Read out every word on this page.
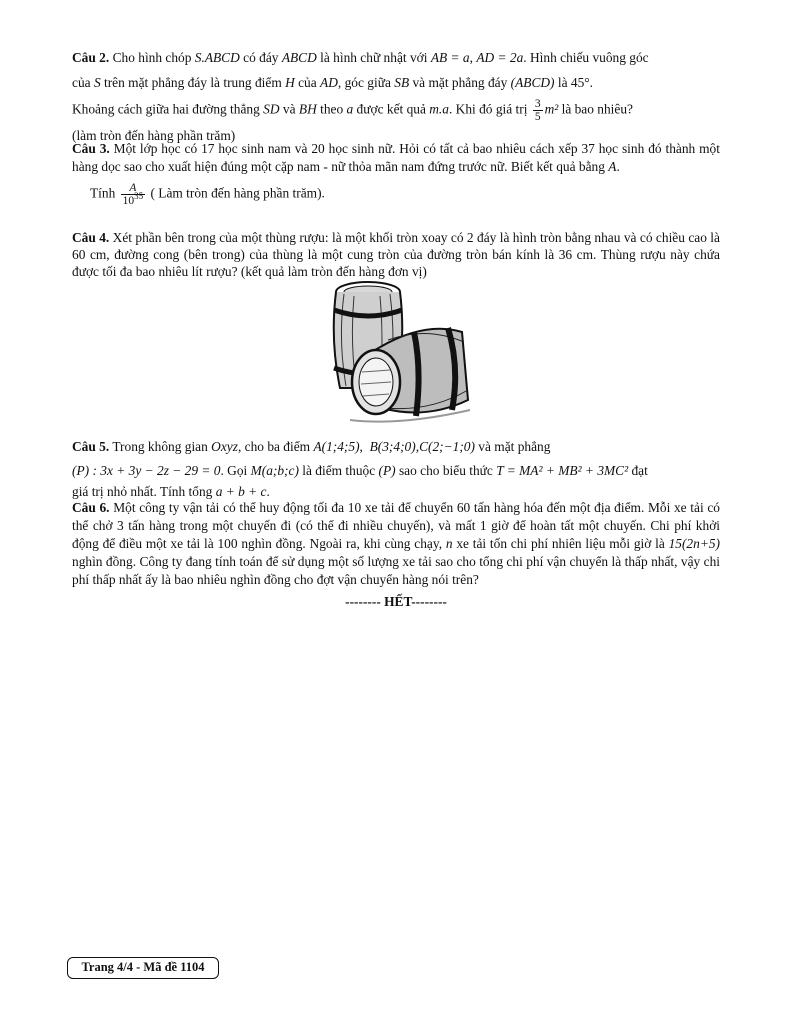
Câu 2. Cho hình chóp S.ABCD có đáy ABCD là hình chữ nhật với AB = a, AD = 2a. Hình chiếu vuông góc
của S trên mặt phẳng đáy là trung điểm H của AD, góc giữa SB và mặt phẳng đáy (ABCD) là 45°.
Khoảng cách giữa hai đường thẳng SD và BH theo a được kết quả m.a. Khi đó giá trị $\frac{3}{5} m^2$ là bao nhiêu?
(làm tròn đến hàng phần trăm)
Câu 3. Một lớp học có 17 học sinh nam và 20 học sinh nữ. Hỏi có tất cả bao nhiêu cách xếp 37 học sinh đó thành một hàng dọc sao cho xuất hiện đúng một cặp nam - nữ thỏa mãn nam đứng trước nữ. Biết kết quả bằng A.
Tính $\frac{A}{10^{35}}$ ( Làm tròn đến hàng phần trăm).
Câu 4. Xét phần bên trong của một thùng rượu: là một khối tròn xoay có 2 đáy là hình tròn bằng nhau và có chiều cao là 60 cm, đường cong (bên trong) của thùng là một cung tròn của đường tròn bán kính là 36 cm. Thùng rượu này chứa được tối đa bao nhiêu lít rượu? (kết quả làm tròn đến hàng đơn vị)
Câu 5. Trong không gian Oxyz, cho ba điểm A(1;4;5),  B(3;4;0),C(2;−1;0) và mặt phẳng
(P) : 3x + 3y − 2z − 29 = 0. Gọi M(a;b;c) là điểm thuộc (P) sao cho biểu thức T = MA² + MB² + 3MC² đạt
giá trị nhỏ nhất. Tính tổng a + b + c.
Câu 6. Một công ty vận tải có thể huy động tối đa 10 xe tải để chuyển 60 tấn hàng hóa đến một địa điểm. Mỗi xe tải có thể chở 3 tấn hàng trong một chuyến đi (có thể đi nhiều chuyến), và mất 1 giờ để hoàn tất một chuyến. Chi phí khởi động để điều một xe tải là 100 nghìn đồng. Ngoài ra, khi cùng chạy, n xe tải tốn chi phí nhiên liệu mỗi giờ là 15(2n+5) nghìn đồng. Công ty đang tính toán để sử dụng một số lượng xe tải sao cho tổng chi phí vận chuyển là thấp nhất, vậy chi phí thấp nhất ấy là bao nhiêu nghìn đồng cho đợt vận chuyển hàng nói trên?
-------- HẾT--------
Trang 4/4 - Mã đề 1104
